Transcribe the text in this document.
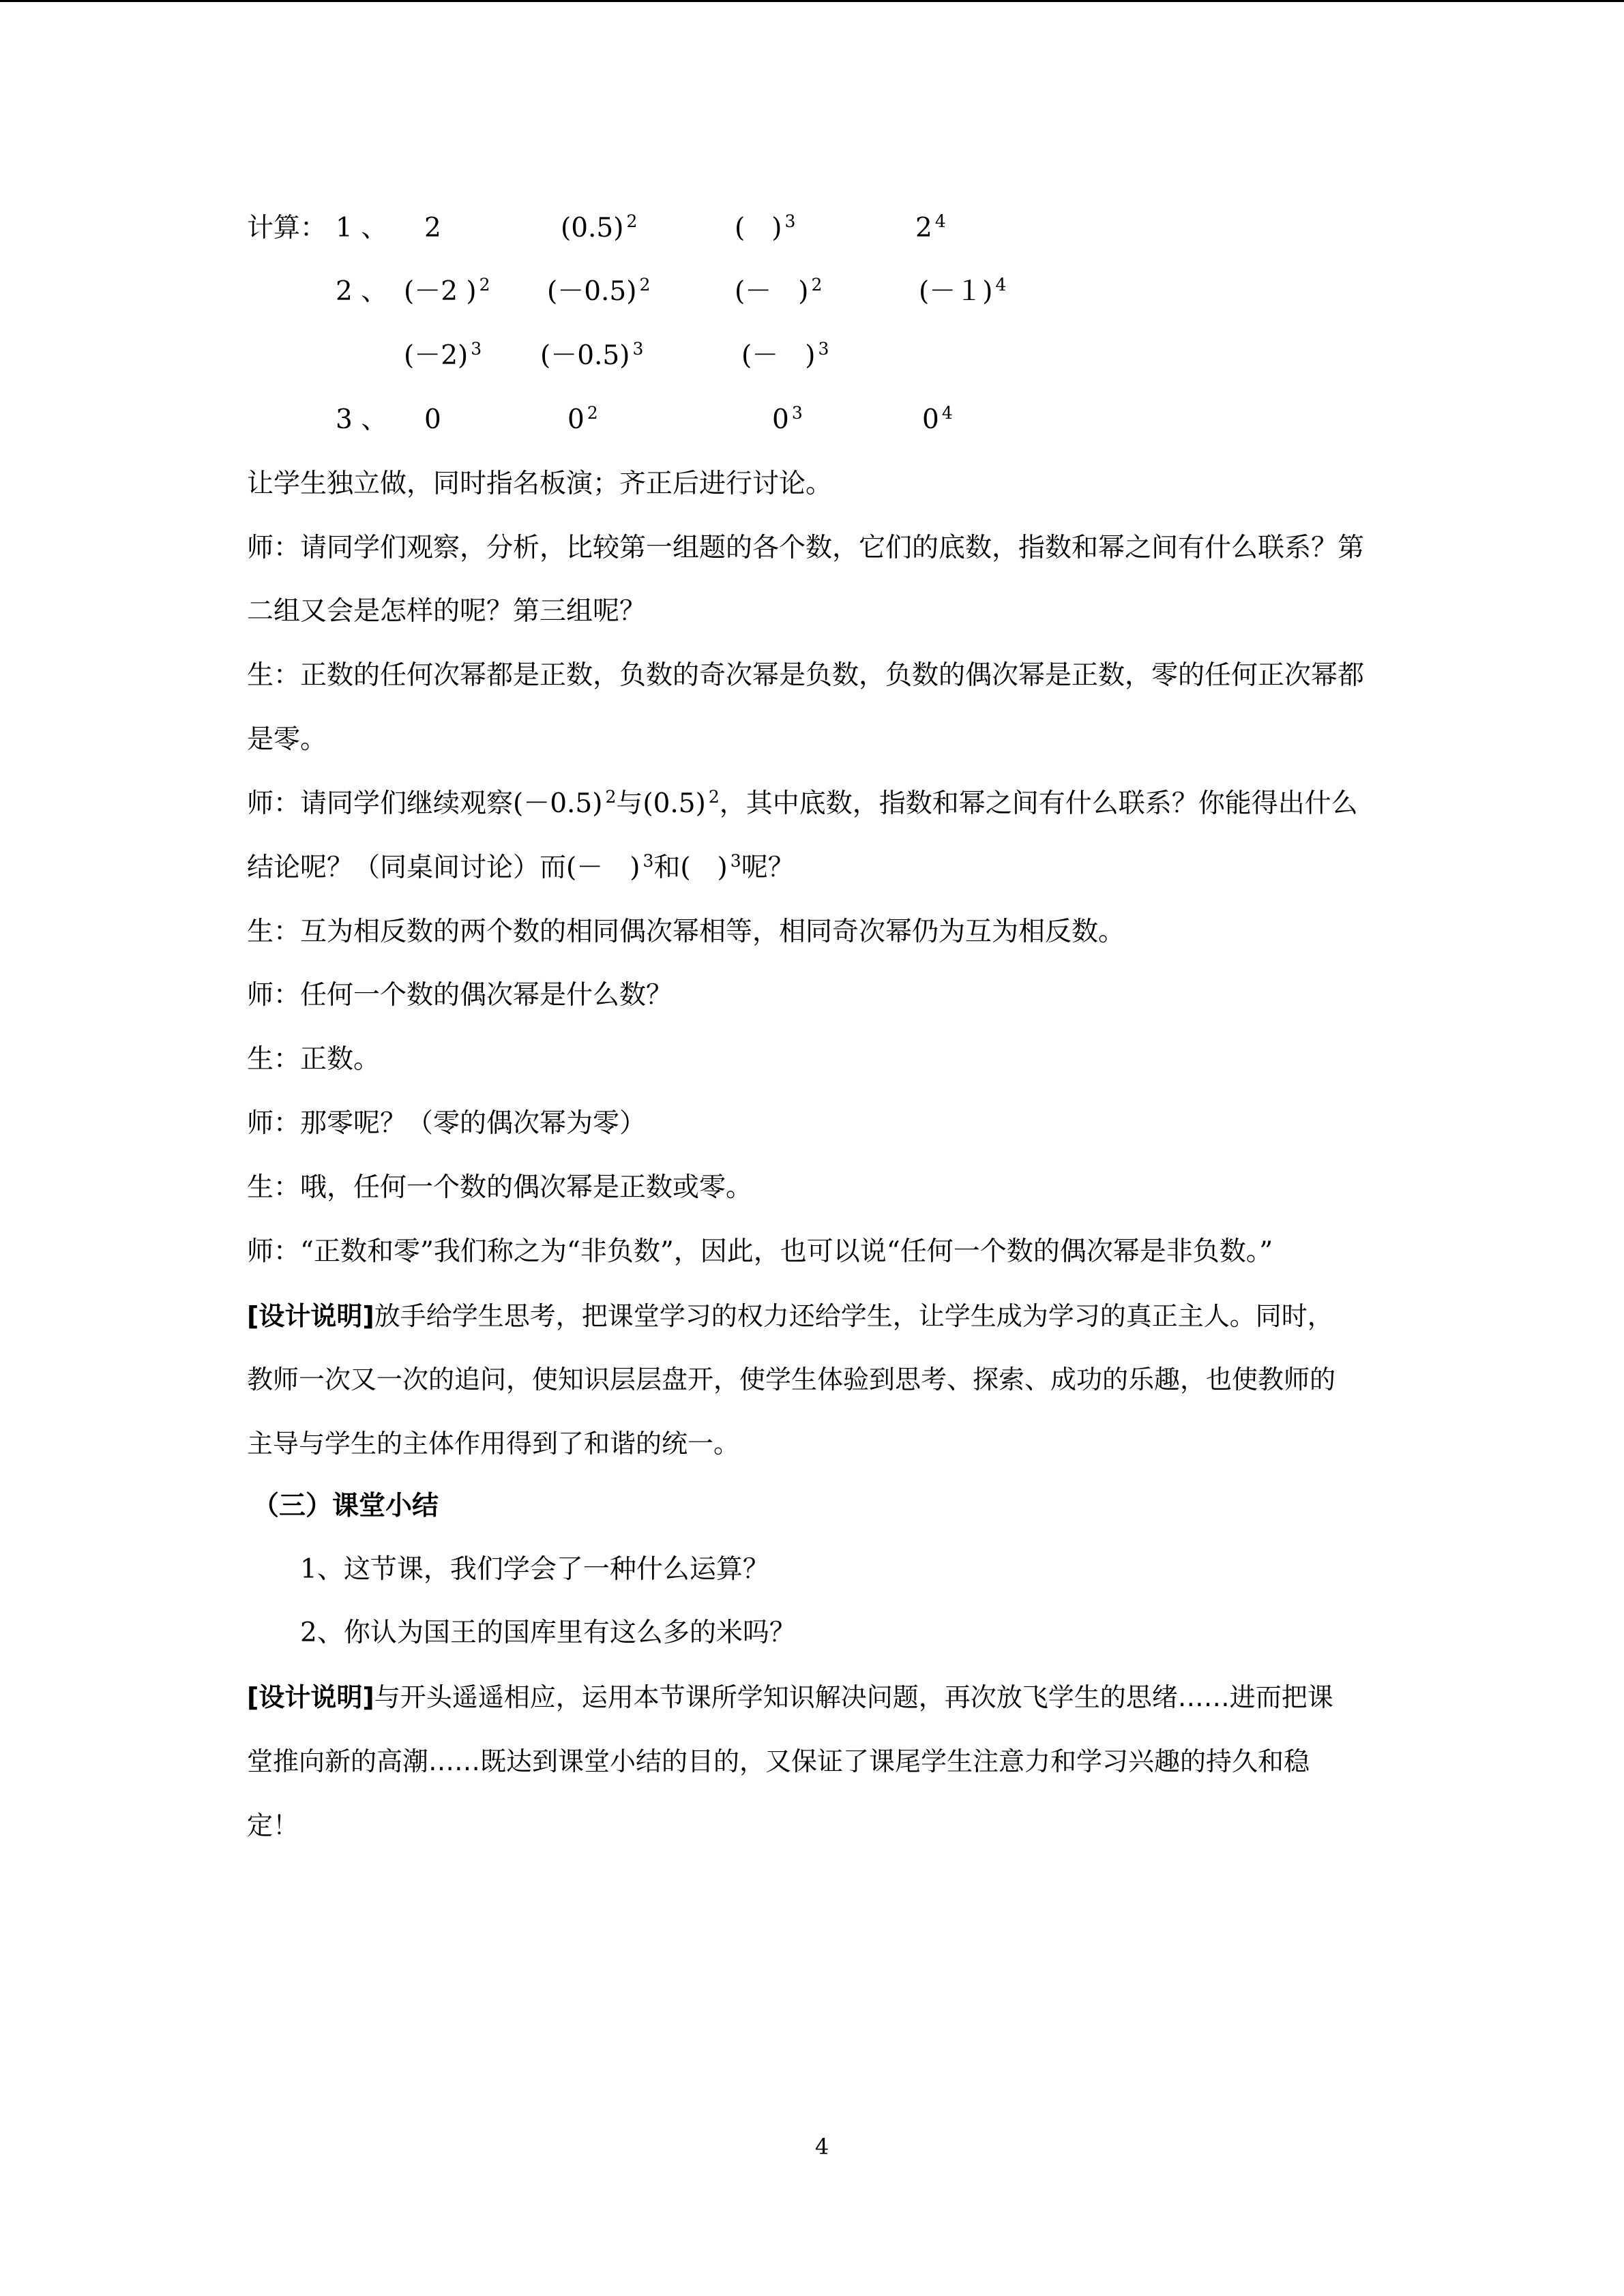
计算： 1 、 2	(0.5) $^2$	(　) $^3$	2 $^4$
2 、 (－2 ) $^2$ (－0.5) $^2$	(－　) $^2$	(－１) $^4$
(－2) $^3$ (－0.5) $^3$	(－　) $^3$
3 、 0	0 $^2$	0 $^3$	0 $^4$
让学生独立做，同时指名板演；齐正后进行讨论。
师：请同学们观察，分析，比较第一组题的各个数，它们的底数，指数和幂之间有什么联系？第
二组又会是怎样的呢？第三组呢？
生：正数的任何次幂都是正数，负数的奇次幂是负数，负数的偶次幂是正数，零的任何正次幂都
是零。
师：请同学们继续观察(－0.5) $^2$与(0.5) $^2$，其中底数，指数和幂之间有什么联系？你能得出什么
结论呢？（同桌间讨论）而(－　) $^3$和(　) $^3$呢？
生：互为相反数的两个数的相同偶次幂相等，相同奇次幂仍为互为相反数。
师：任何一个数的偶次幂是什么数？
生：正数。
师：那零呢？（零的偶次幂为零）
生：哦，任何一个数的偶次幂是正数或零。
师：“正数和零”我们称之为“非负数”，因此，也可以说“任何一个数的偶次幂是非负数。”
[设计说明]放手给学生思考，把课堂学习的权力还给学生，让学生成为学习的真正主人。同时，
教师一次又一次的追问，使知识层层盘开，使学生体验到思考、探索、成功的乐趣，也使教师的
主导与学生的主体作用得到了和谐的统一。
（三）课堂小结
1、这节课，我们学会了一种什么运算？
2、你认为国王的国库里有这么多的米吗？
[设计说明]与开头遥遥相应，运用本节课所学知识解决问题，再次放飞学生的思绪……进而把课
堂推向新的高潮……既达到课堂小结的目的，又保证了课尾学生注意力和学习兴趣的持久和稳
定！
4
